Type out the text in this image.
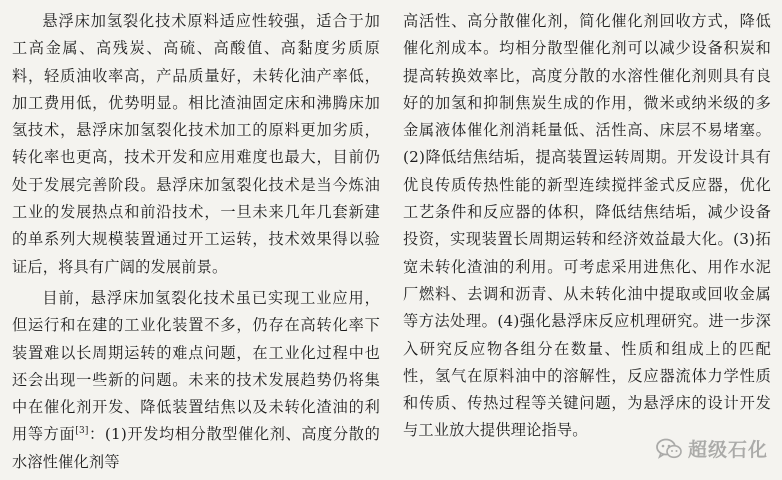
悬浮床加氢裂化技术原料适应性较强，适合于加工高金属、高残炭、高硫、高酸值、高黏度劣质原料，轻质油收率高，产品质量好，未转化油产率低，加工费用低，优势明显。相比渣油固定床和沸腾床加氢技术，悬浮床加氢裂化技术加工的原料更加劣质，转化率也更高，技术开发和应用难度也最大，目前仍处于发展完善阶段。悬浮床加氢裂化技术是当今炼油工业的发展热点和前沿技术，一旦未来几年几套新建的单系列大规模装置通过开工运转，技术效果得以验证后，将具有广阔的发展前景。

目前，悬浮床加氢裂化技术虽已实现工业应用，但运行和在建的工业化装置不多，仍存在高转化率下装置难以长周期运转的难点问题，在工业化过程中也还会出现一些新的问题。未来的技术发展趋势仍将集中在催化剂开发、降低装置结焦以及未转化渣油的利用等方面[3]：(1)开发均相分散型催化剂、高度分散的水溶性催化剂等

高活性、高分散催化剂，简化催化剂回收方式，降低催化剂成本。均相分散型催化剂可以减少设备积炭和提高转换效率比，高度分散的水溶性催化剂则具有良好的加氢和抑制焦炭生成的作用，微米或纳米级的多金属液体催化剂消耗量低、活性高、床层不易堵塞。(2)降低结焦结垢，提高装置运转周期。开发设计具有优良传质传热性能的新型连续搅拌釜式反应器，优化工艺条件和反应器的体积，降低结焦结垢，减少设备投资，实现装置长周期运转和经济效益最大化。(3)拓宽未转化渣油的利用。可考虑采用进焦化、用作水泥厂燃料、去调和沥青、从未转化油中提取或回收金属等方法处理。(4)强化悬浮床反应机理研究。进一步深入研究反应物各组分在数量、性质和组成上的匹配性，氢气在原料油中的溶解性，反应器流体力学性质和传质、传热过程等关键问题，为悬浮床的设计开发与工业放大提供理论指导。

超级石化
